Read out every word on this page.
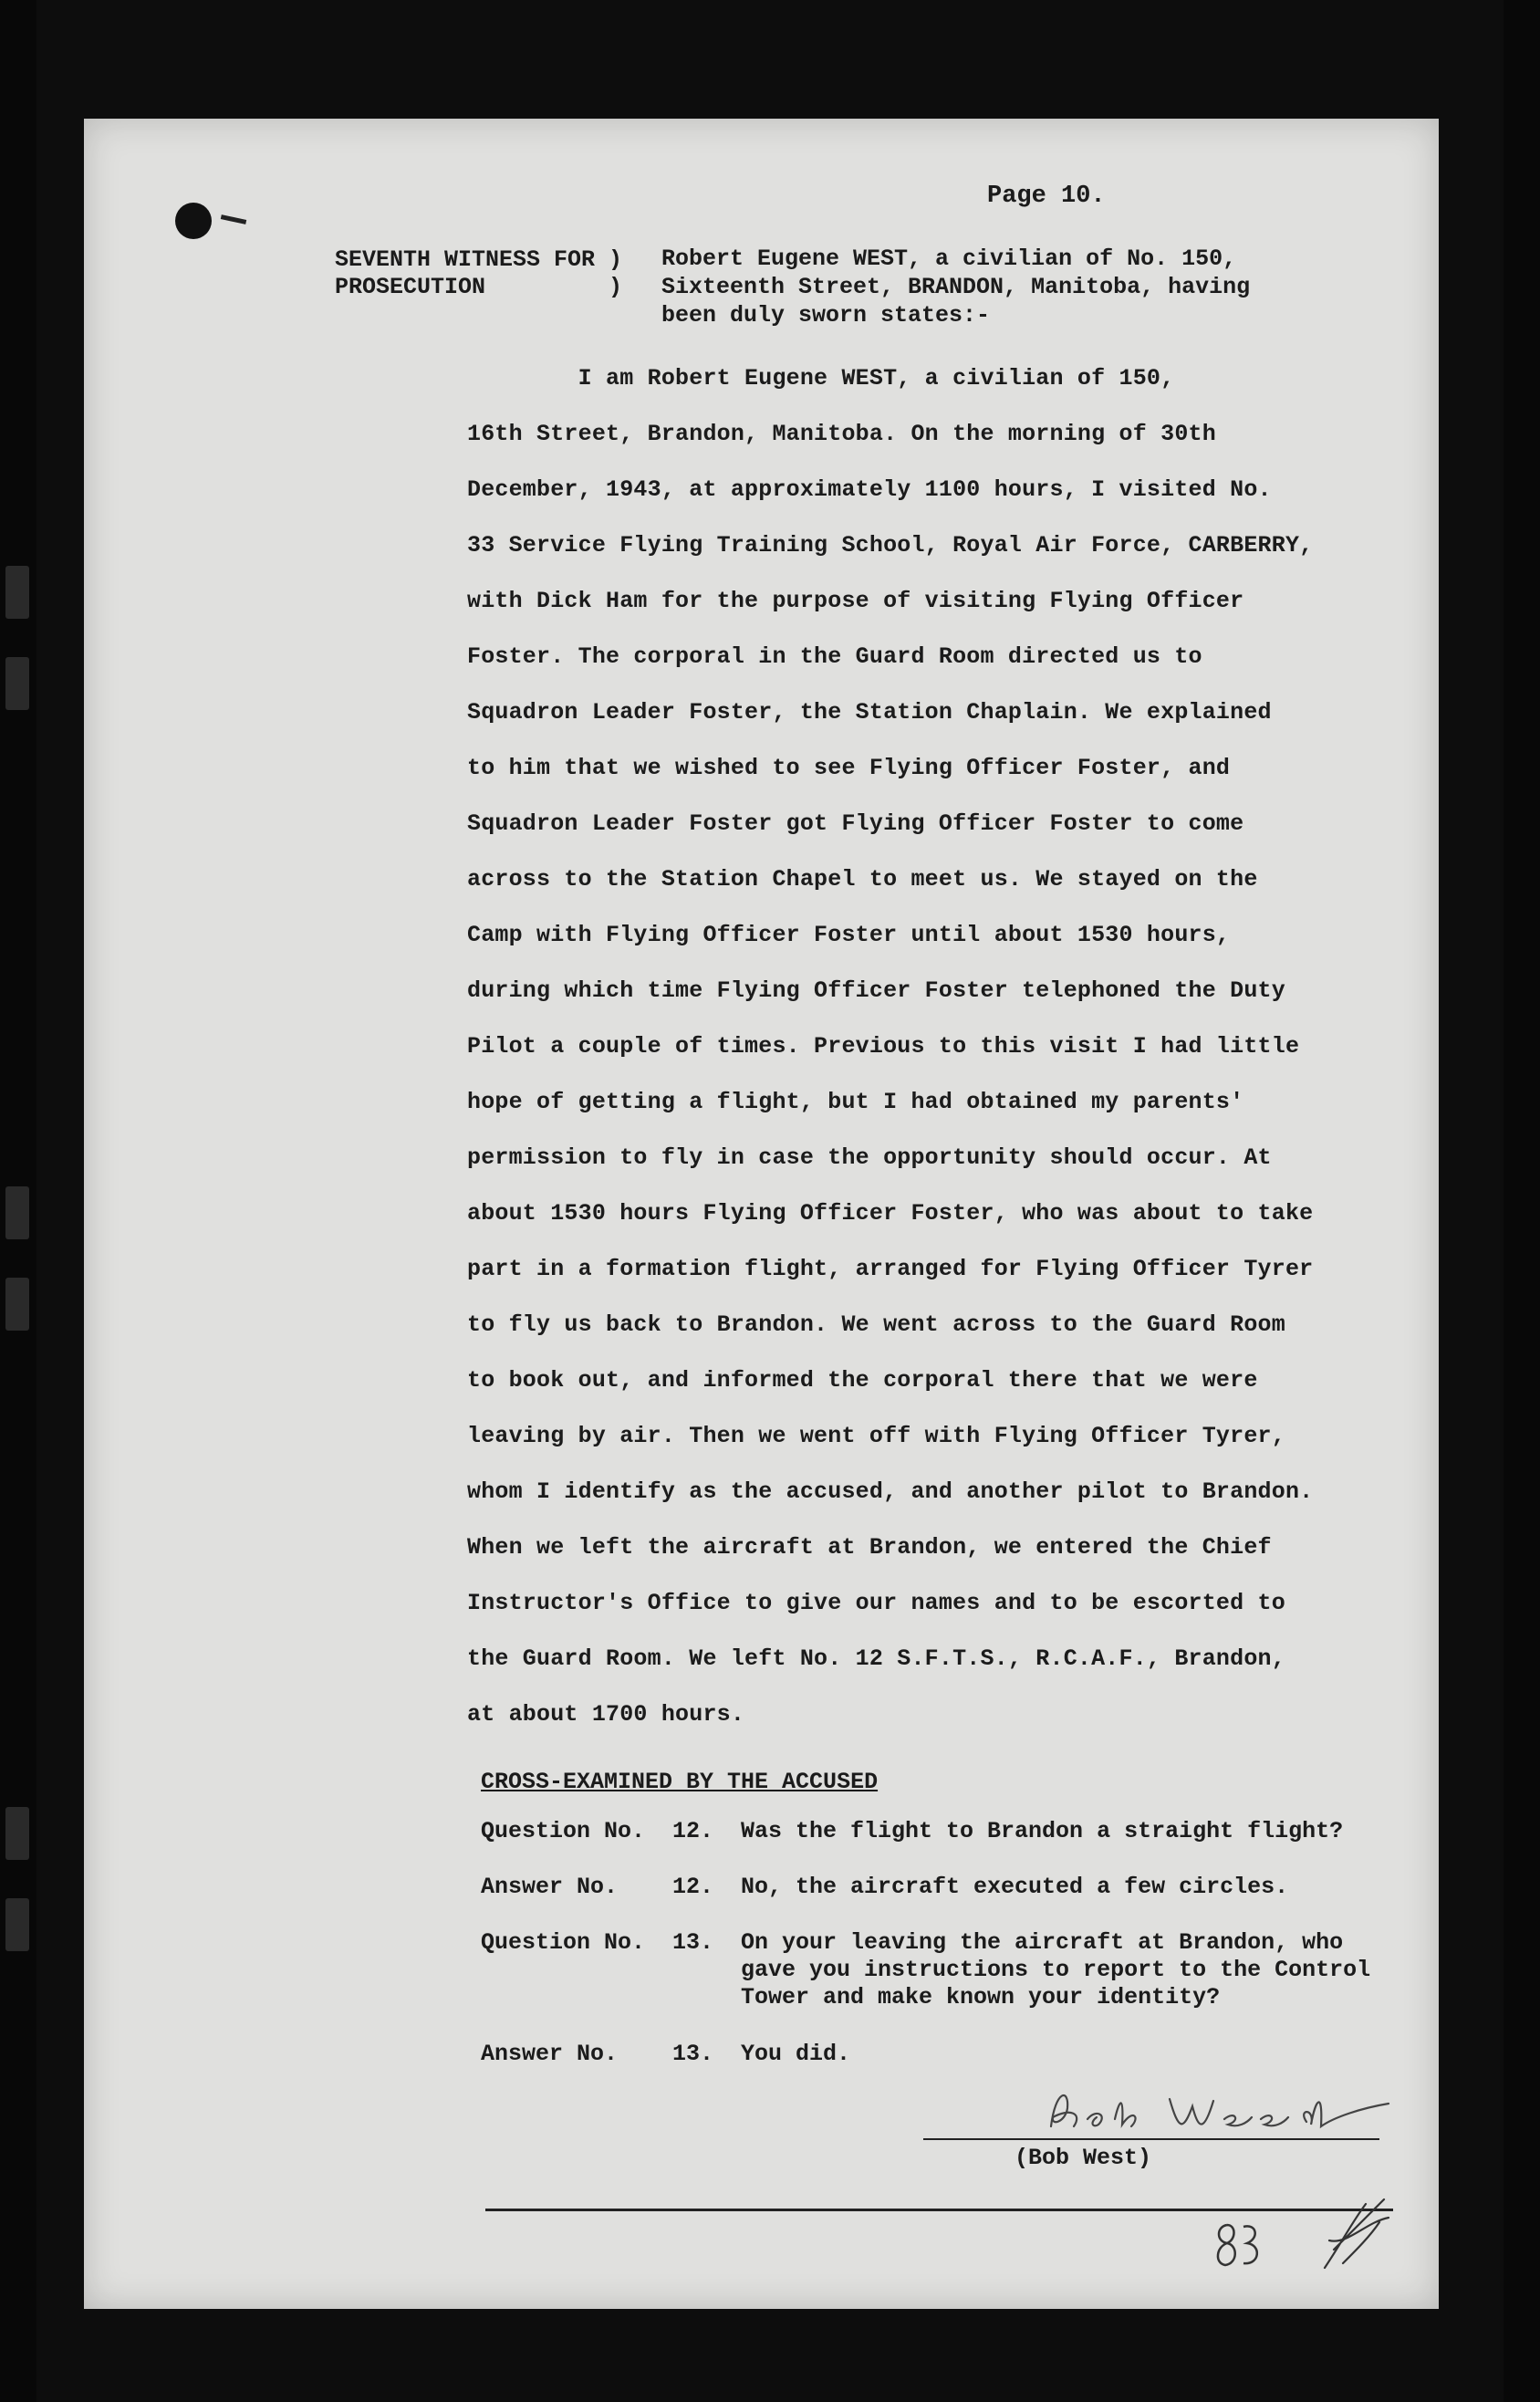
Page 10.
SEVENTH WITNESS FOR )
PROSECUTION         )
Robert Eugene WEST, a civilian of No. 150,
Sixteenth Street, BRANDON, Manitoba, having
been duly sworn states:-
I am Robert Eugene WEST, a civilian of 150,
16th Street, Brandon, Manitoba. On the morning of 30th
December, 1943, at approximately 1100 hours, I visited No.
33 Service Flying Training School, Royal Air Force, CARBERRY,
with Dick Ham for the purpose of visiting Flying Officer
Foster. The corporal in the Guard Room directed us to
Squadron Leader Foster, the Station Chaplain. We explained
to him that we wished to see Flying Officer Foster, and
Squadron Leader Foster got Flying Officer Foster to come
across to the Station Chapel to meet us. We stayed on the
Camp with Flying Officer Foster until about 1530 hours,
during which time Flying Officer Foster telephoned the Duty
Pilot a couple of times. Previous to this visit I had little
hope of getting a flight, but I had obtained my parents'
permission to fly in case the opportunity should occur. At
about 1530 hours Flying Officer Foster, who was about to take
part in a formation flight, arranged for Flying Officer Tyrer
to fly us back to Brandon. We went across to the Guard Room
to book out, and informed the corporal there that we were
leaving by air. Then we went off with Flying Officer Tyrer,
whom I identify as the accused, and another pilot to Brandon.
When we left the aircraft at Brandon, we entered the Chief
Instructor's Office to give our names and to be escorted to
the Guard Room. We left No. 12 S.F.T.S., R.C.A.F., Brandon,
at about 1700 hours.
CROSS-EXAMINED BY THE ACCUSED
Question No. 12. Was the flight to Brandon a straight flight?
Answer No. 12. No, the aircraft executed a few circles.
Question No. 13. On your leaving the aircraft at Brandon, who
gave you instructions to report to the Control
Tower and make known your identity?
Answer No. 13. You did.
(Bob West)
